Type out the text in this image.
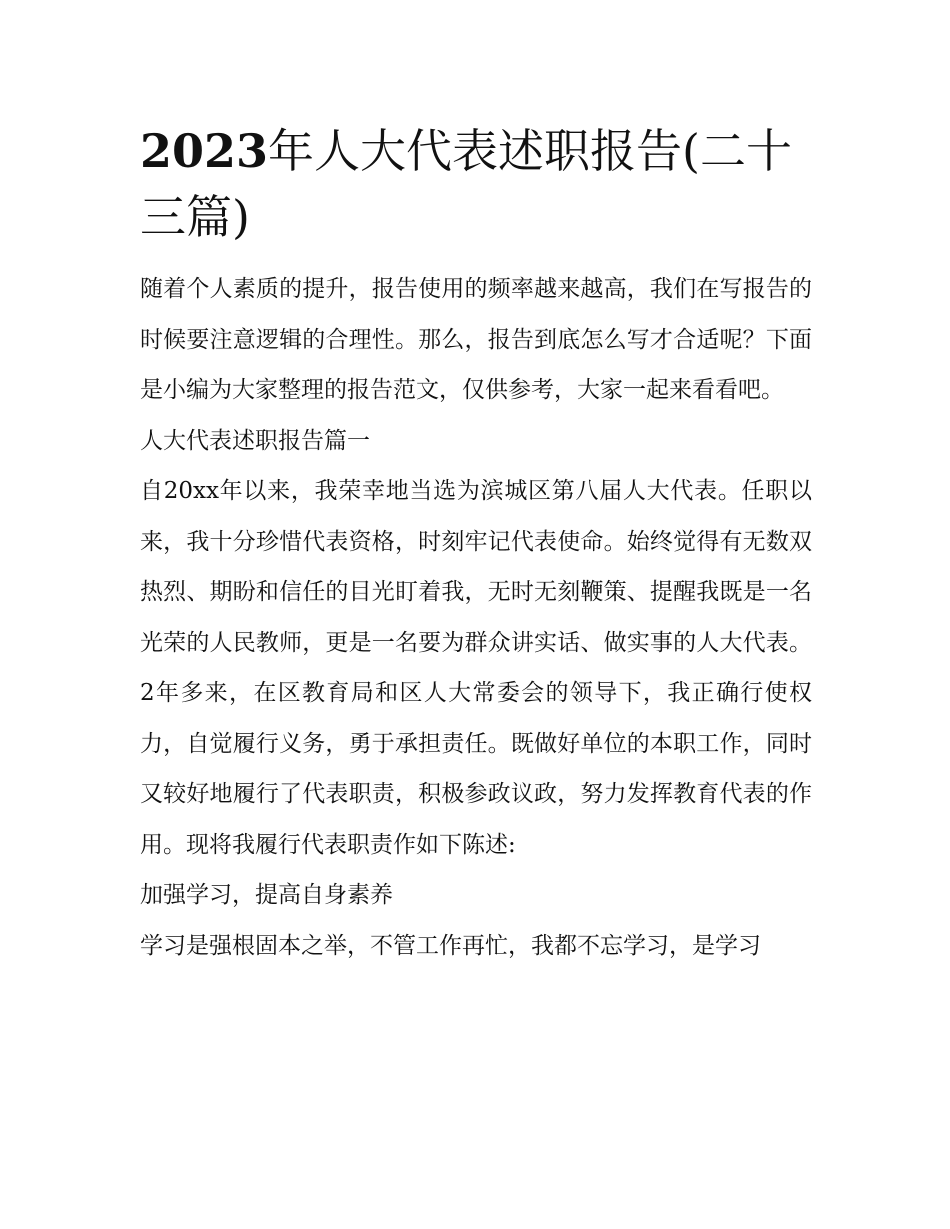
2023年人大代表述职报告(二十三篇)

随着个人素质的提升，报告使用的频率越来越高，我们在写报告的时候要注意逻辑的合理性。那么，报告到底怎么写才合适呢？下面是小编为大家整理的报告范文，仅供参考，大家一起来看看吧。

人大代表述职报告篇一

自20xx年以来，我荣幸地当选为滨城区第八届人大代表。任职以来，我十分珍惜代表资格，时刻牢记代表使命。始终觉得有无数双热烈、期盼和信任的目光盯着我，无时无刻鞭策、提醒我既是一名光荣的人民教师，更是一名要为群众讲实话、做实事的人大代表。2年多来，在区教育局和区人大常委会的领导下，我正确行使权力，自觉履行义务，勇于承担责任。既做好单位的本职工作，同时又较好地履行了代表职责，积极参政议政，努力发挥教育代表的作用。现将我履行代表职责作如下陈述:

加强学习，提高自身素养

学习是强根固本之举，不管工作再忙，我都不忘学习，是学习
